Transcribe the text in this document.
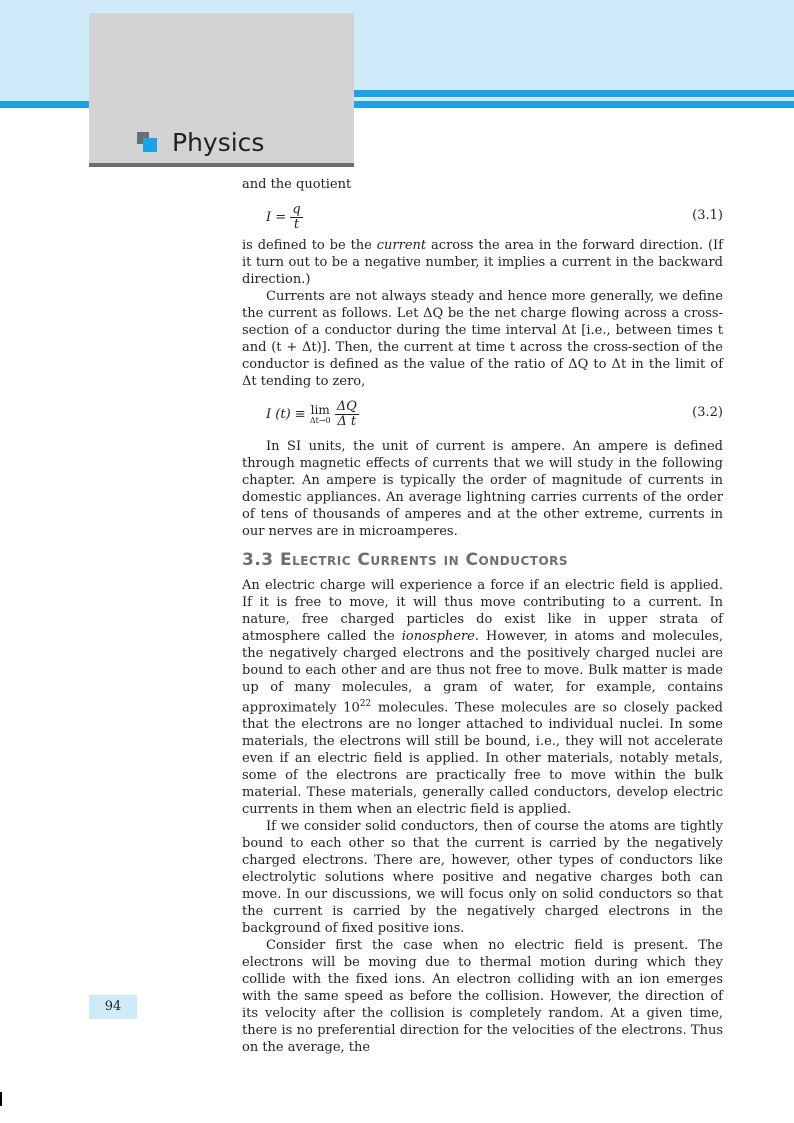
Physics

and the quotient

$I = \frac{q}{t}$	(3.1)

is defined to be the current across the area in the forward direction. (If it turn out to be a negative number, it implies a current in the backward direction.)

Currents are not always steady and hence more generally, we define the current as follows. Let ΔQ be the net charge flowing across a cross-section of a conductor during the time interval Δt [i.e., between times t and (t + Δt)]. Then, the current at time t across the cross-section of the conductor is defined as the value of the ratio of ΔQ to Δt in the limit of Δt tending to zero,

I (t) ≡ lim
Δt→0
$\frac{\Delta Q}{\text{Δ t}}$	(3.2)

In SI units, the unit of current is ampere. An ampere is defined through magnetic effects of currents that we will study in the following chapter. An ampere is typically the order of magnitude of currents in domestic appliances. An average lightning carries currents of the order of tens of thousands of amperes and at the other extreme, currents in our nerves are in microamperes.

3.3 Electric Currents in Conductors

An electric charge will experience a force if an electric field is applied. If it is free to move, it will thus move contributing to a current. In nature, free charged particles do exist like in upper strata of atmosphere called the ionosphere. However, in atoms and molecules, the negatively charged electrons and the positively charged nuclei are bound to each other and are thus not free to move. Bulk matter is made up of many molecules, a gram of water, for example, contains approximately $10^{22}$ molecules. These molecules are so closely packed that the electrons are no longer attached to individual nuclei. In some materials, the electrons will still be bound, i.e., they will not accelerate even if an electric field is applied. In other materials, notably metals, some of the electrons are practically free to move within the bulk material. These materials, generally called conductors, develop electric currents in them when an electric field is applied.

If we consider solid conductors, then of course the atoms are tightly bound to each other so that the current is carried by the negatively charged electrons. There are, however, other types of conductors like electrolytic solutions where positive and negative charges both can move. In our discussions, we will focus only on solid conductors so that the current is carried by the negatively charged electrons in the background of fixed positive ions.

Consider first the case when no electric field is present. The electrons will be moving due to thermal motion during which they collide with the fixed ions. An electron colliding with an ion emerges with the same speed as before the collision. However, the direction of its velocity after the collision is completely random. At a given time, there is no preferential direction for the velocities of the electrons. Thus on the average, the

94
